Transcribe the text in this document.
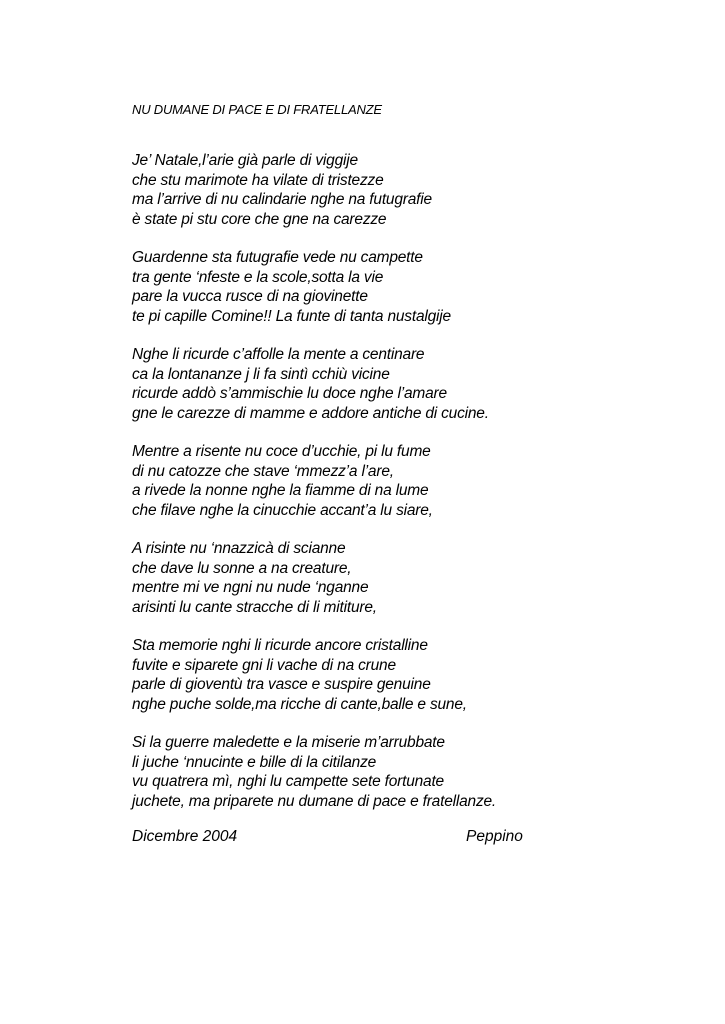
NU DUMANE DI PACE E DI FRATELLANZE
Je’ Natale,l’arie già parle di viggije
che stu marimote ha vilate di tristezze
ma l’arrive di nu calindarie nghe na futugrafie
è state pi stu core che gne na carezze
Guardenne sta futugrafie vede nu campette
tra gente ‘nfeste e la scole,sotta la vie
pare la vucca rusce di na giovinette
te pi capille Comine!! La funte di tanta nustalgije
Nghe li ricurde c’affolle la mente a centinare
ca la lontananze j li fa sintì cchiù vicine
ricurde addò s’ammischie lu doce nghe l’amare
gne le carezze di mamme e addore antiche di cucine.
Mentre a risente nu coce d’ucchie, pi lu fume
di nu catozze che stave ‘mmezz’a l’are,
a rivede la nonne nghe la fiamme di na lume
che filave nghe la cinucchie accant’a lu siare,
A risinte nu ‘nnazzicà di scianne
che dave lu sonne a na creature,
mentre mi ve ngni nu nude ‘nganne
arisinti lu cante stracche di li mititure,
Sta memorie nghi li ricurde ancore cristalline
fuvite e siparete gni li vache di na crune
parle di gioventù tra vasce e suspire genuine
nghe puche solde,ma ricche di cante,balle e sune,
Si la guerre maledette e la miserie m’arrubbate
li juche ‘nnucinte e bille di la citilanze
vu quatrera mì, nghi lu campette sete fortunate
juchete, ma priparete nu dumane di pace e fratellanze.
Dicembre 2004	Peppino
